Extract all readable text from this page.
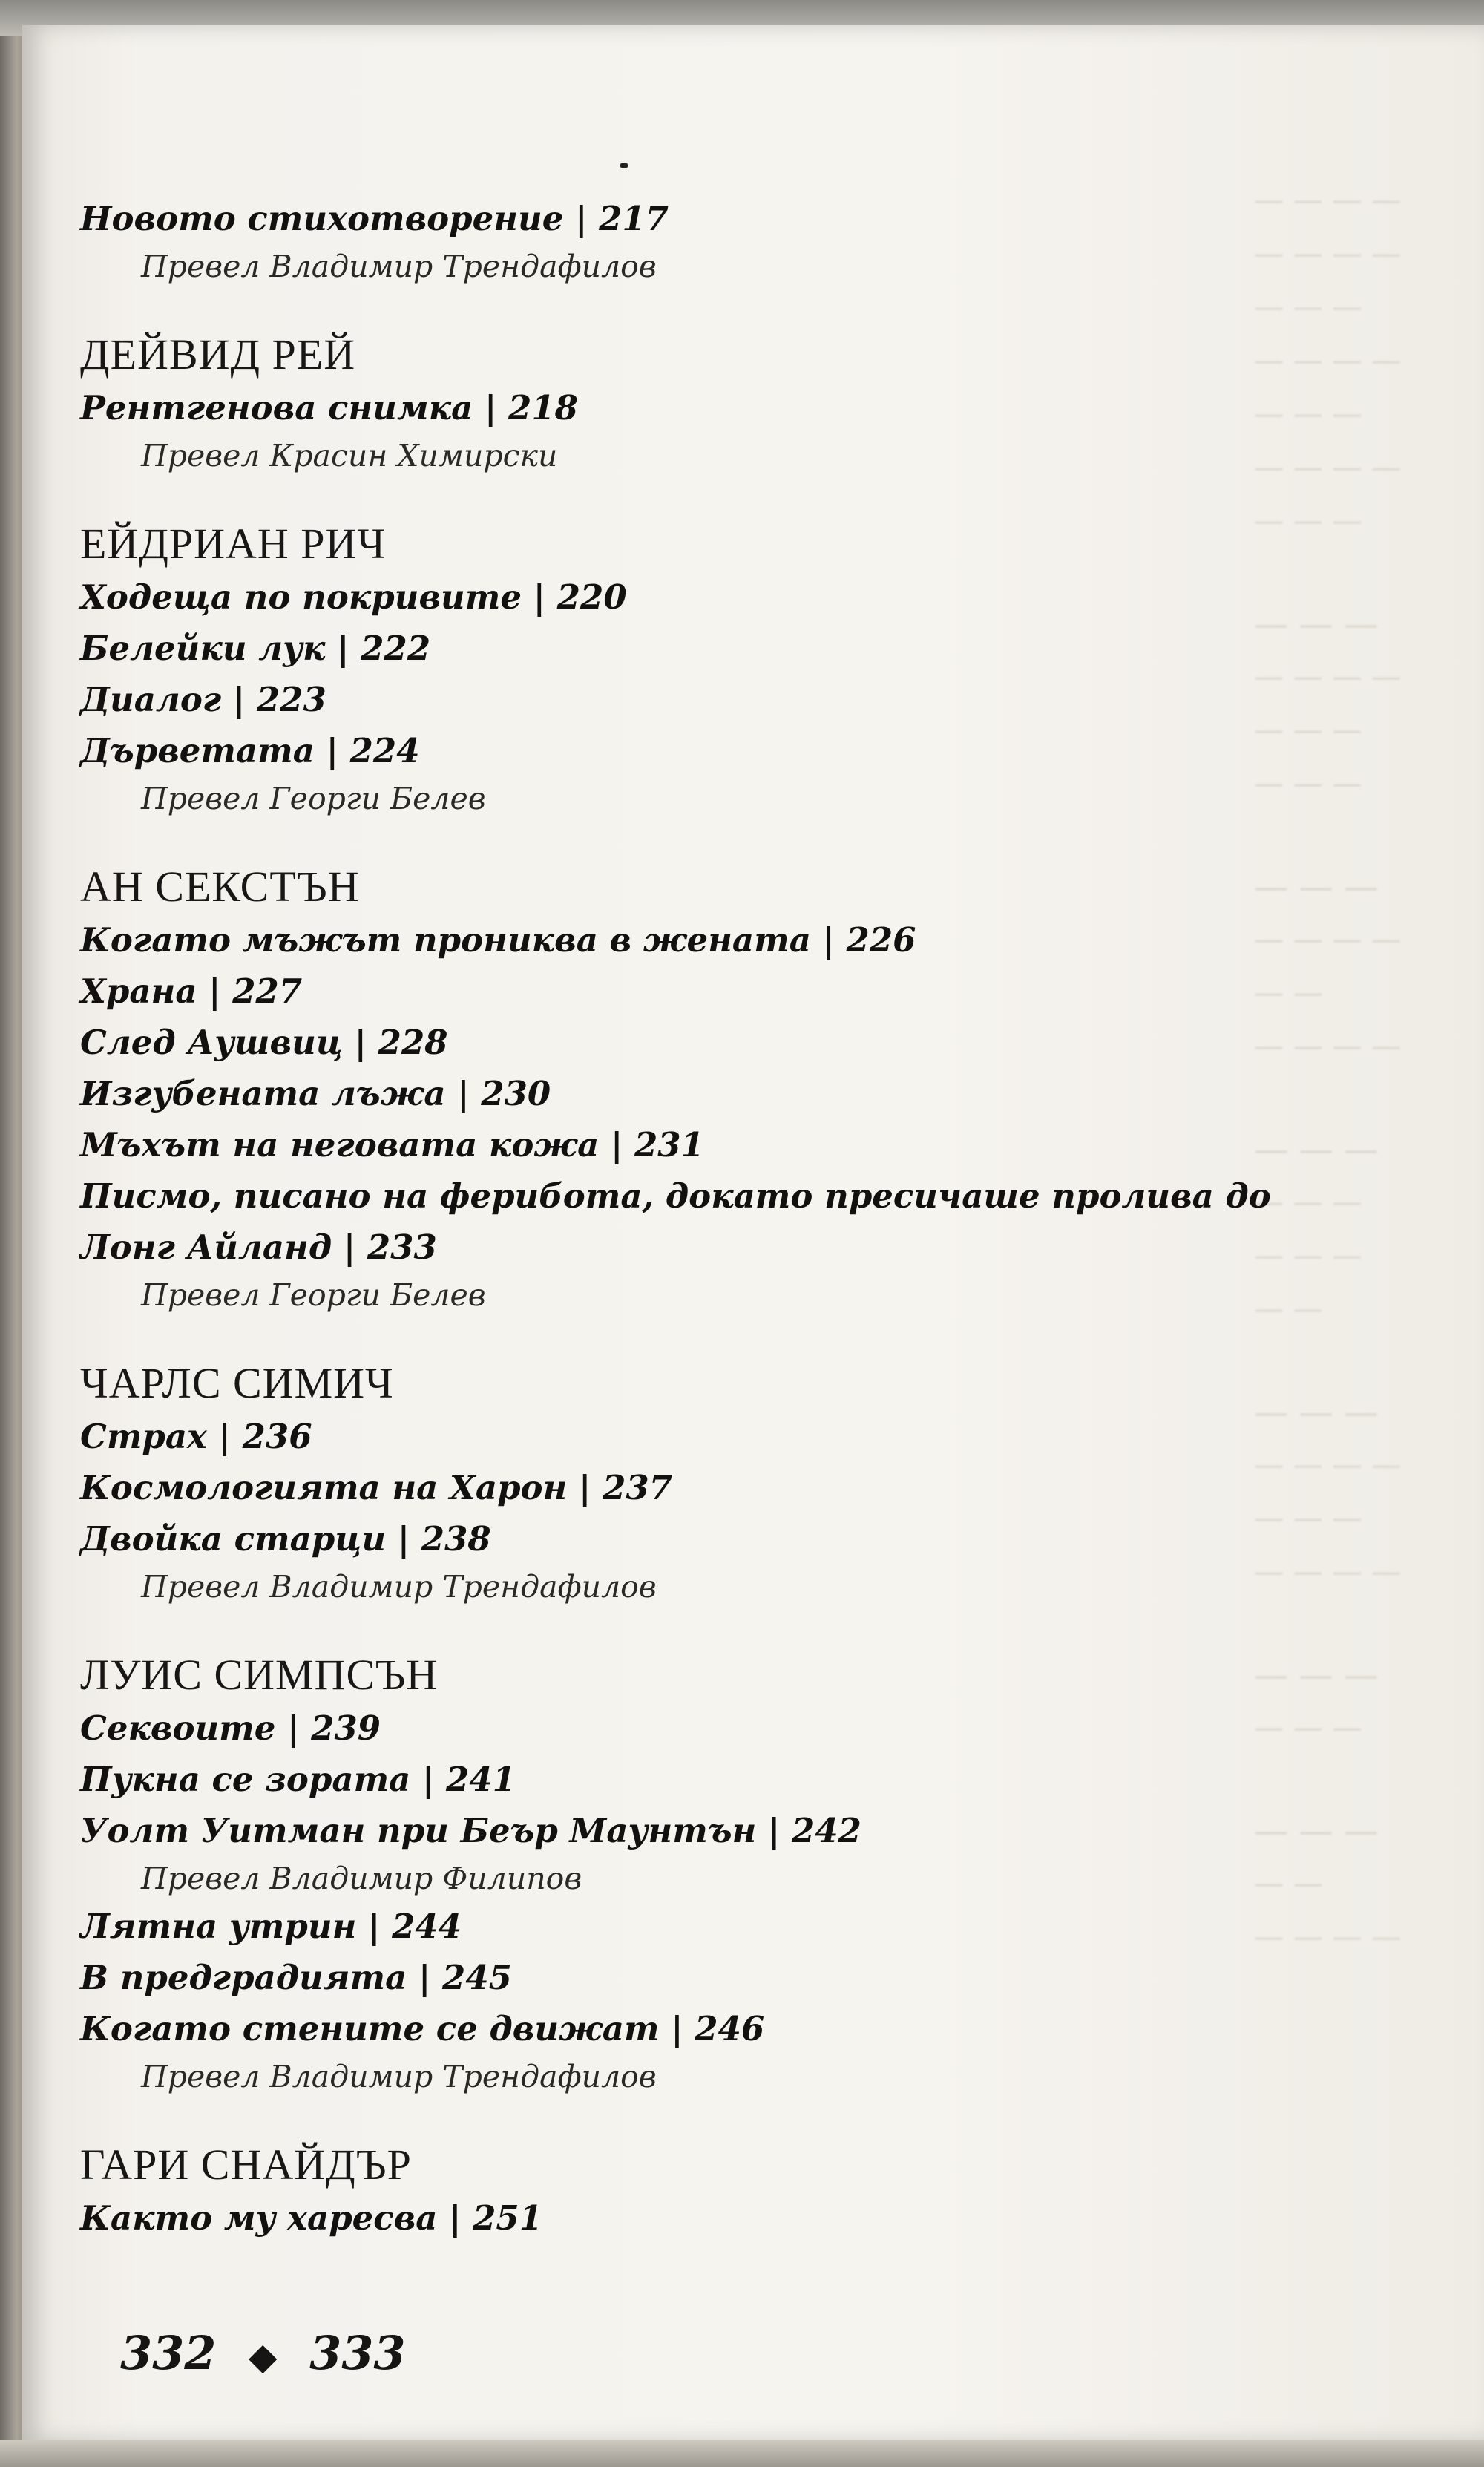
— — — —
— — — —
— — —
— — — —
— — —
— — — —
— — —
— — —
— — — —
— — —
— — —
— — —
— — — —
— —
— — — —
— — —
— — —
— — —
— —
— — —
— — — —
— — —
— — — —
— — —
— — —
— — —
— —
— — — —
Новото стихотворение | 217
Превел Владимир Трендафилов
ДЕЙВИД РЕЙ
Рентгенова снимка | 218
Превел Красин Химирски
ЕЙДРИАН РИЧ
Ходеща по покривите | 220
Белейки лук | 222
Диалог | 223
Дърветата | 224
Превел Георги Белев
АН СЕКСТЪН
Когато мъжът прониква в жената | 226
Храна | 227
След Аушвиц | 228
Изгубената лъжа | 230
Мъхът на неговата кожа | 231
Писмо, писано на ферибота, докато пресичаше пролива до
Лонг Айланд | 233
Превел Георги Белев
ЧАРЛС СИМИЧ
Страх | 236
Космологията на Харон | 237
Двойка старци | 238
Превел Владимир Трендафилов
ЛУИС СИМПСЪН
Секвоите | 239
Пукна се зората | 241
Уолт Уитман при Беър Маунтън | 242
Превел Владимир Филипов
Лятна утрин | 244
В предградията | 245
Когато стените се движат | 246
Превел Владимир Трендафилов
ГАРИ СНАЙДЪР
Както му харесва | 251
332 ◆ 333
